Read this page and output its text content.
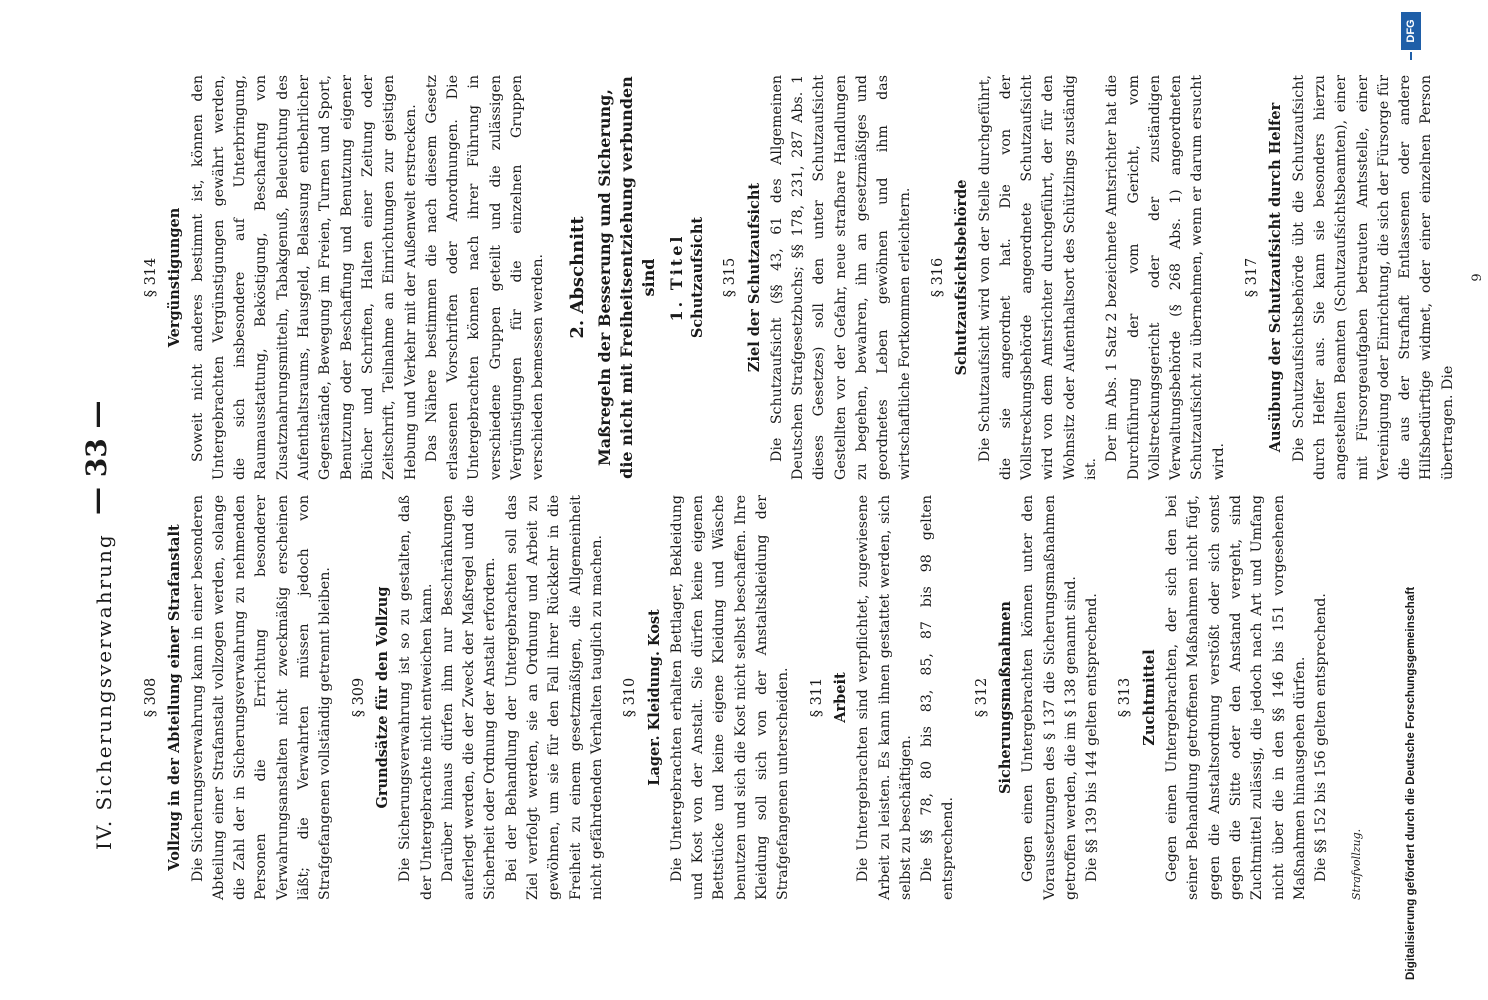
IV. Sicherungsverwahrung
— 33 —
§ 308 Vollzug in der Abteilung einer Strafanstalt Die Sicherungsverwahrung kann in einer besonderen Abteilung einer Strafanstalt vollzogen werden, solange die Zahl der in Sicherungsverwahrung zu nehmenden Personen die Errichtung besonderer Verwahrungsanstalten nicht zweckmäßig erscheinen läßt; die Verwahrten müssen jedoch von Strafgefangenen vollständig getrennt bleiben. § 309 Grundsätze für den Vollzug Die Sicherungsverwahrung ist so zu gestalten, daß der Untergebrachte nicht entweichen kann. Darüber hinaus dürfen ihm nur Beschränkungen auferlegt werden, die der Zweck der Maßregel und die Sicherheit oder Ordnung der Anstalt erfordern. Bei der Behandlung der Untergebrachten soll das Ziel verfolgt werden, sie an Ordnung und Arbeit zu gewöhnen, um sie für den Fall ihrer Rückkehr in die Freiheit zu einem gesetzmäßigen, die Allgemeinheit nicht gefährdenden Verhalten tauglich zu machen. § 310 Lager. Kleidung. Kost Die Untergebrachten erhalten Bettlager, Bekleidung und Kost von der Anstalt. Sie dürfen keine eigenen Bettstücke und keine eigene Kleidung und Wäsche benutzen und sich die Kost nicht selbst beschaffen. Ihre Kleidung soll sich von der Anstaltskleidung der Strafgefangenen unterscheiden. § 311 Arbeit Die Untergebrachten sind verpflichtet, zugewiesene Arbeit zu leisten. Es kann ihnen gestattet werden, sich selbst zu beschäftigen. Die §§ 78, 80 bis 83, 85, 87 bis 98 gelten entsprechend.

§ 312 Sicherungsmaßnahmen Gegen einen Untergebrachten können unter den Voraussetzungen des § 137 die Sicherungsmaßnahmen getroffen werden, die im § 138 genannt sind. Die §§ 139 bis 144 gelten entsprechend. § 313 Zuchtmittel Gegen einen Untergebrachten, der sich den bei seiner Behandlung getroffenen Maßnahmen nicht fügt, gegen die Anstaltsordnung verstößt oder sich sonst gegen die Sitte oder den Anstand vergeht, sind Zuchtmittel zulässig, die jedoch nach Art und Umfang nicht über die in den §§ 146 bis 151 vorgesehenen Maßnahmen hinausgehen dürfen. Die §§ 152 bis 156 gelten entsprechend.	Strafvollzug.
§ 314 Vergünstigungen Soweit nicht anderes bestimmt ist, können den Untergebrachten Vergünstigungen gewährt werden, die sich insbesondere auf Unterbringung, Raumausstattung, Beköstigung, Beschaffung von Zusatznahrungsmitteln, Tabakgenuß, Beleuchtung des Aufenthaltsraums, Hausgeld, Belassung entbehrlicher Gegenstände, Bewegung im Freien, Turnen und Sport, Benutzung oder Beschaffung und Benutzung eigener Bücher und Schriften, Halten einer Zeitung oder Zeitschrift, Teilnahme an Einrichtungen zur geistigen Hebung und Verkehr mit der Außenwelt erstrecken. Das Nähere bestimmen die nach diesem Gesetz erlassenen Vorschriften oder Anordnungen. Die Untergebrachten können nach ihrer Führung in verschiedene Gruppen geteilt und die zulässigen Vergünstigungen für die einzelnen Gruppen verschieden bemessen werden. 2. Abschnitt Maßregeln der Besserung und Sicherung, die nicht mit Freiheitsentziehung verbunden sind 1. Titel Schutzaufsicht § 315 Ziel der Schutzaufsicht Die Schutzaufsicht (§§ 43, 61 des Allgemeinen Deutschen Strafgesetzbuchs; §§ 178, 231, 287 Abs. 1 dieses Gesetzes) soll den unter Schutzaufsicht Gestellten vor der Gefahr, neue strafbare Handlungen zu begehen, bewahren, ihn an gesetzmäßiges und geordnetes Leben gewöhnen und ihm das wirtschaftliche Fortkommen erleichtern. § 316 Schutzaufsichtsbehörde Die Schutzaufsicht wird von der Stelle durchgeführt, die sie angeordnet hat. Die von der Vollstreckungsbehörde angeordnete Schutzaufsicht wird von dem Amtsrichter durchgeführt, der für den Wohnsitz oder Aufenthaltsort des Schützlings zuständig ist.

Der im Abs. 1 Satz 2 bezeichnete Amtsrichter hat die Durchführung der vom Gericht, vom Vollstreckungsgericht oder der zuständigen Verwaltungsbehörde (§ 268 Abs. 1) angeordneten Schutzaufsicht zu übernehmen, wenn er darum ersucht wird.

§ 317 Ausübung der Schutzaufsicht durch Helfer Die Schutzaufsichtsbehörde übt die Schutzaufsicht durch Helfer aus. Sie kann sie besonders hierzu angestellten Beamten (Schutzaufsichtsbeamten), einer mit Fürsorgeaufgaben betrauten Amtsstelle, einer Vereinigung oder Einrichtung, die sich der Fürsorge für die aus der Strafhaft Entlassenen oder andere Hilfsbedürftige widmet, oder einer einzelnen Person übertragen. Die

9
Digitalisierung gefördert durch die Deutsche Forschungsgemeinschaft
DFG
